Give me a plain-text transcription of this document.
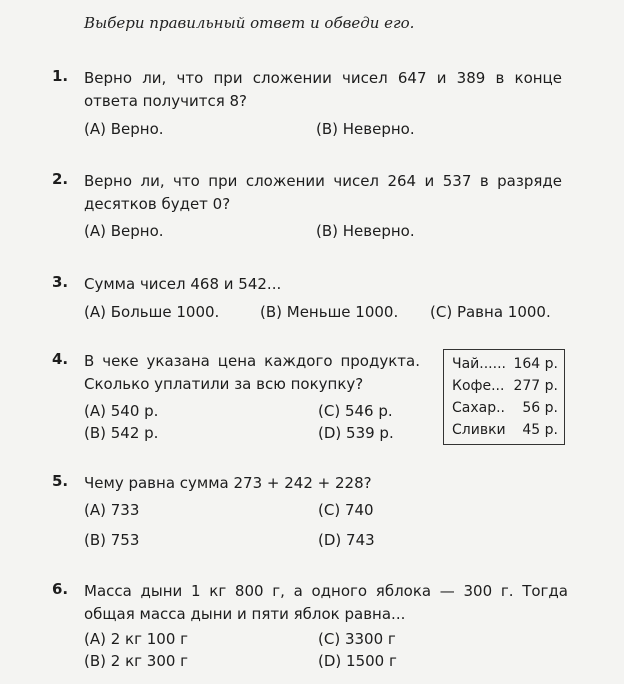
Выбери правильный ответ и обведи его.
1. Верно ли, что при сложении чисел 647 и 389 в конце ответа получится 8?
(A) Верно.	(B) Неверно.
2. Верно ли, что при сложении чисел 264 и 537 в разряде десятков будет 0?
(A) Верно.	(B) Неверно.
3. Сумма чисел 468 и 542...
(A) Больше 1000.	(B) Меньше 1000. (C) Равна 1000.
4. В чеке указана цена каждого продукта. Сколько уплатили за всю покупку?
(A) 540 р.	(C) 546 р.
(B) 542 р.	(D) 539 р.
Чай...... 164 р.
Кофе... 277 р.
Сахар.. 56 р.
Сливки 45 р.
5. Чему равна сумма 273 + 242 + 228?
(A) 733	(C) 740
(B) 753	(D) 743
6. Масса дыни 1 кг 800 г, а одного яблока — 300 г. Тогда общая масса дыни и пяти яблок равна...
(A) 2 кг 100 г	(C) 3300 г
(B) 2 кг 300 г	(D) 1500 г
